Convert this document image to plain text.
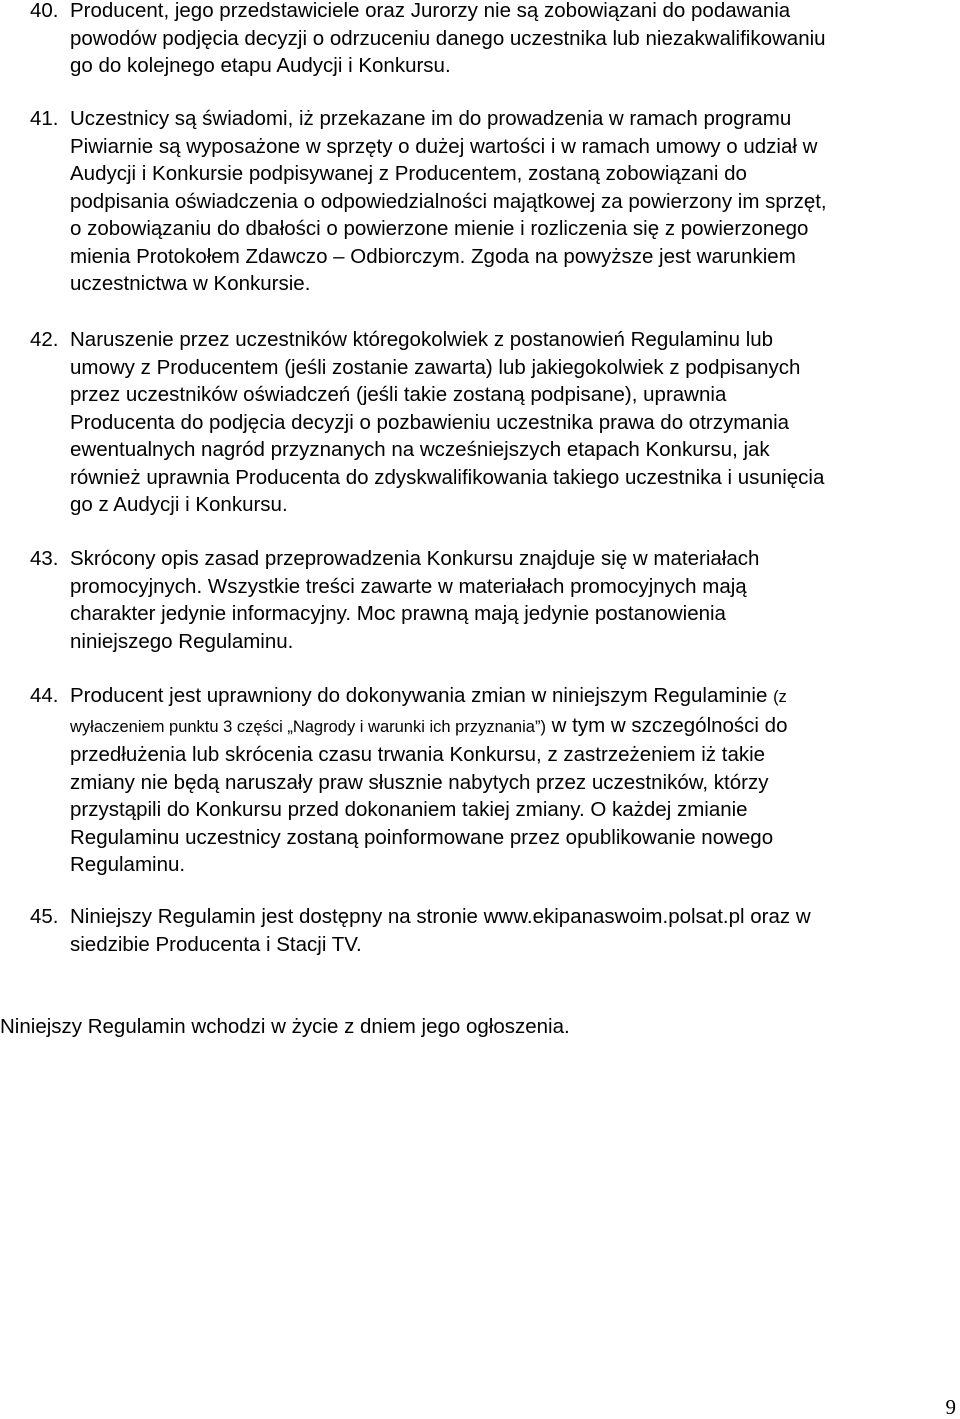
40. Producent, jego przedstawiciele oraz Jurorzy nie są zobowiązani do podawania
powodów podjęcia decyzji o odrzuceniu danego uczestnika lub niezakwalifikowaniu
go do kolejnego etapu Audycji i Konkursu.
41. Uczestnicy są świadomi, iż przekazane im do prowadzenia w ramach programu
Piwiarnie są wyposażone w sprzęty o dużej wartości i w ramach umowy o udział w
Audycji i Konkursie podpisywanej z Producentem, zostaną zobowiązani do
podpisania oświadczenia o odpowiedzialności majątkowej za powierzony im sprzęt,
o zobowiązaniu do dbałości o powierzone mienie i rozliczenia się z powierzonego
mienia Protokołem Zdawczo – Odbiorczym. Zgoda na powyższe jest warunkiem
uczestnictwa w Konkursie.
42. Naruszenie przez uczestników któregokolwiek z postanowień Regulaminu lub
umowy z Producentem (jeśli zostanie zawarta) lub jakiegokolwiek z podpisanych
przez uczestników oświadczeń (jeśli takie zostaną podpisane), uprawnia
Producenta do podjęcia decyzji o pozbawieniu uczestnika prawa do otrzymania
ewentualnych nagród przyznanych na wcześniejszych etapach Konkursu, jak
również uprawnia Producenta do zdyskwalifikowania takiego uczestnika i usunięcia
go z Audycji i Konkursu.
43. Skrócony opis zasad przeprowadzenia Konkursu znajduje się w materiałach
promocyjnych. Wszystkie treści zawarte w materiałach promocyjnych mają
charakter jedynie informacyjny. Moc prawną mają jedynie postanowienia
niniejszego Regulaminu.
44. Producent jest uprawniony do dokonywania zmian w niniejszym Regulaminie (z
wyłaczeniem punktu 3 części „Nagrody i warunki ich przyznania”) w tym w szczególności do
przedłużenia lub skrócenia czasu trwania Konkursu, z zastrzeżeniem iż takie
zmiany nie będą naruszały praw słusznie nabytych przez uczestników, którzy
przystąpili do Konkursu przed dokonaniem takiej zmiany. O każdej zmianie
Regulaminu uczestnicy zostaną poinformowane przez opublikowanie nowego
Regulaminu.
45. Niniejszy Regulamin jest dostępny na stronie www.ekipanaswoim.polsat.pl oraz w
siedzibie Producenta i Stacji TV.
Niniejszy Regulamin wchodzi w życie z dniem jego ogłoszenia.
9
